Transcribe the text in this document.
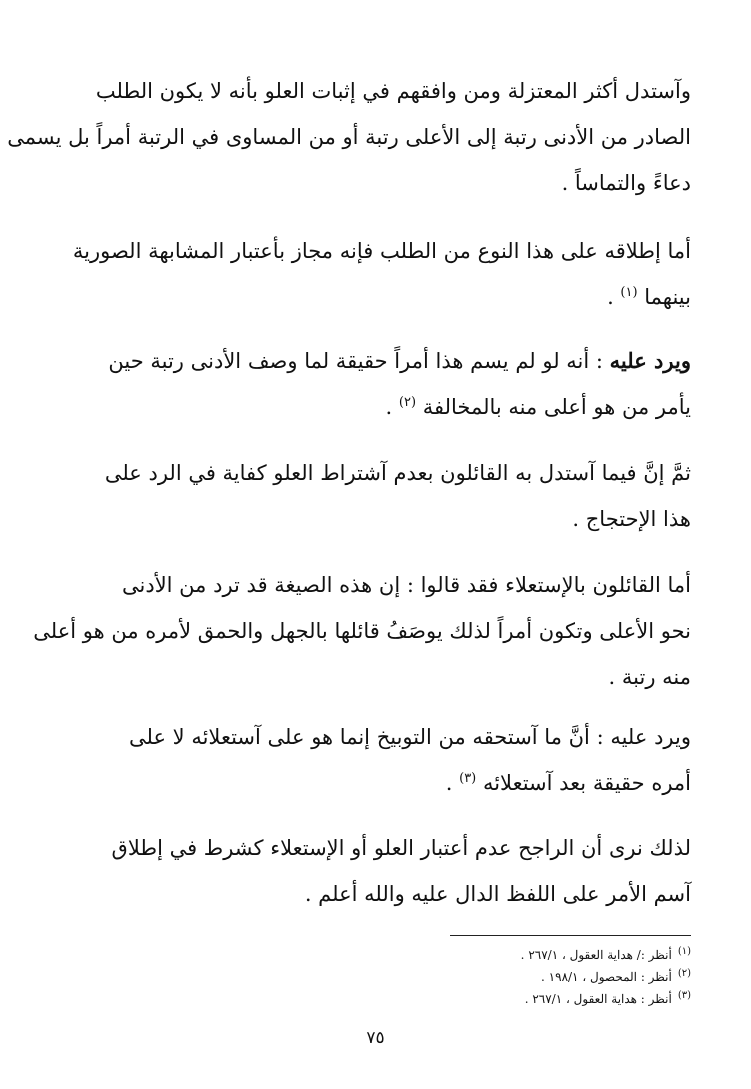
وآستدل أكثر المعتزلة ومن وافقهم في إثبات العلو بأنه لا يكون الطلب
الصادر من الأدنى رتبة إلى الأعلى رتبة أو من المساوى في الرتبة أمراً بل يسمى
دعاءً والتماساً .
أما إطلاقه على هذا النوع من الطلب فإنه مجاز بأعتبار المشابهة الصورية
بينهما $^{(١)}$ .
ويرد عليه : أنه لو لم يسم هذا أمراً حقيقة لما وصف الأدنى رتبة حين
يأمر من هو أعلى منه بالمخالفة $^{(٢)}$ .
ثمَّ إنَّ فيما آستدل به القائلون بعدم آشتراط العلو كفاية في الرد على
هذا الإحتجاج .
أما القائلون بالإستعلاء فقد قالوا : إن هذه الصيغة قد ترد من الأدنى
نحو الأعلى وتكون أمراً لذلك يوصَفُ قائلها بالجهل والحمق لأمره من هو أعلى
منه رتبة .
ويرد عليه : أنَّ ما آستحقه من التوبيخ إنما هو على آستعلائه لا على
أمره حقيقة بعد آستعلائه $^{(٣)}$ .
لذلك نرى أن الراجح عدم أعتبار العلو أو الإستعلاء كشرط في إطلاق
آسم الأمر على اللفظ الدال عليه والله أعلم .
$^{(١)}$أنظر :/ هداية العقول ، ٢٦٧/١ .
$^{(٢)}$أنظر : المحصول ، ١٩٨/١ .
$^{(٣)}$أنظر : هداية العقول ، ٢٦٧/١ .
٧٥
